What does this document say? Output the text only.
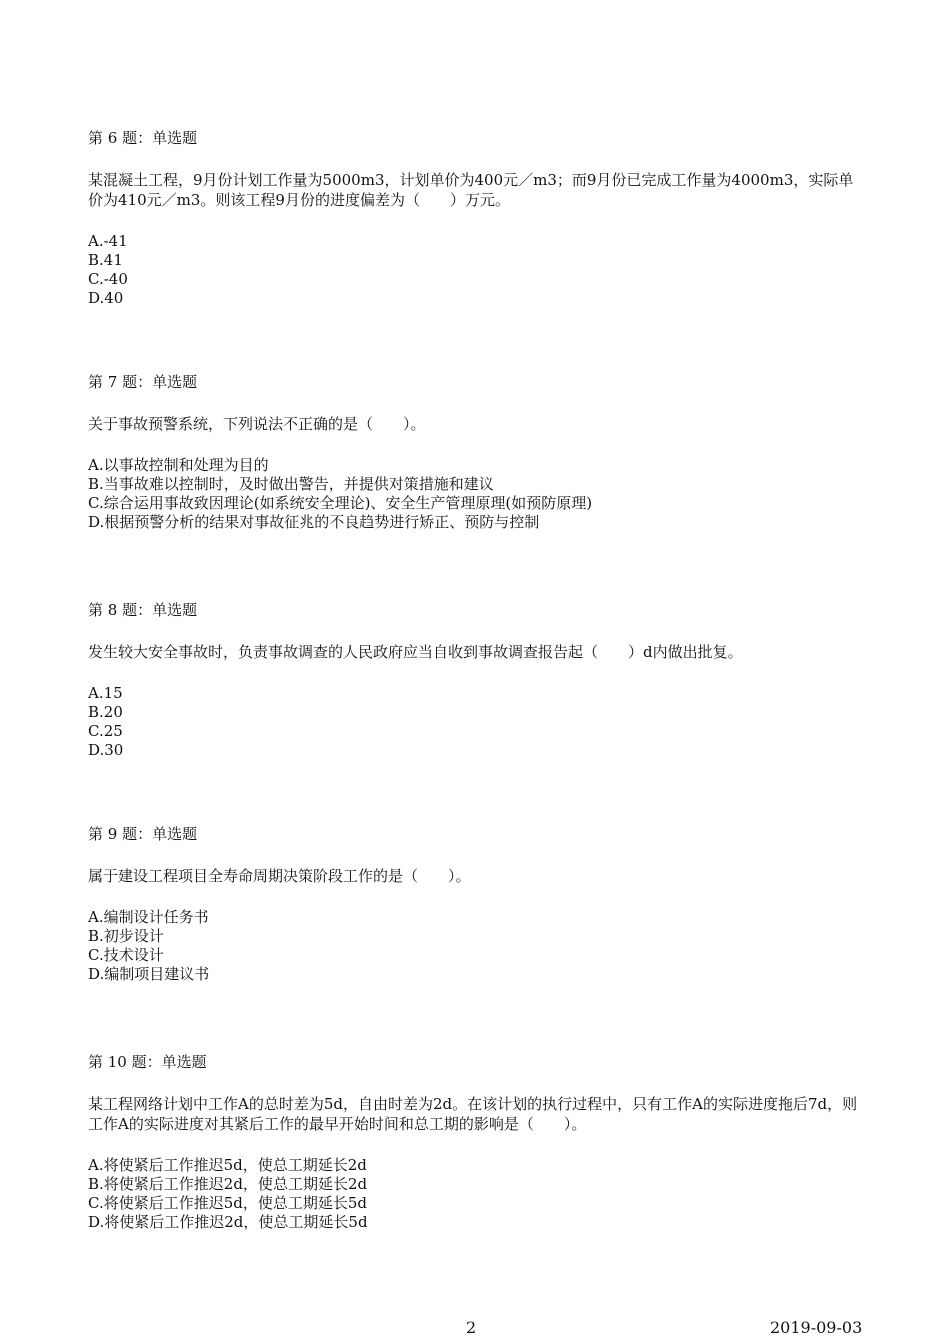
第 6 题：单选题
某混凝土工程，9月份计划工作量为5000m3，计划单价为400元／m3；而9月份已完成工作量为4000m3，实际单价为410元／m3。则该工程9月份的进度偏差为（　　）万元。
A.-41
B.41
C.-40
D.40
第 7 题：单选题
关于事故预警系统，下列说法不正确的是（　　）。
A.以事故控制和处理为目的
B.当事故难以控制时，及时做出警告，并提供对策措施和建议
C.综合运用事故致因理论(如系统安全理论)、安全生产管理原理(如预防原理)
D.根据预警分析的结果对事故征兆的不良趋势进行矫正、预防与控制
第 8 题：单选题
发生较大安全事故时，负责事故调查的人民政府应当自收到事故调查报告起（　　）d内做出批复。
A.15
B.20
C.25
D.30
第 9 题：单选题
属于建设工程项目全寿命周期决策阶段工作的是（　　）。
A.编制设计任务书
B.初步设计
C.技术设计
D.编制项目建议书
第 10 题：单选题
某工程网络计划中工作A的总时差为5d，自由时差为2d。在该计划的执行过程中，只有工作A的实际进度拖后7d，则工作A的实际进度对其紧后工作的最早开始时间和总工期的影响是（　　）。
A.将使紧后工作推迟5d，使总工期延长2d
B.将使紧后工作推迟2d，使总工期延长2d
C.将使紧后工作推迟5d，使总工期延长5d
D.将使紧后工作推迟2d，使总工期延长5d
2	2019-09-03
